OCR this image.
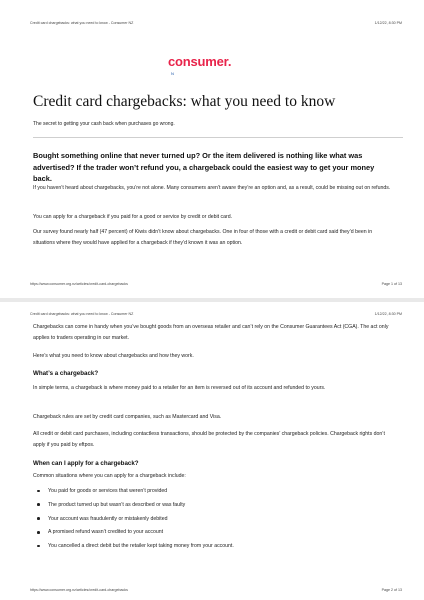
Credit card chargebacks: what you need to know - Consumer NZ	1/12/22, 8:30 PM
consumer.
N
Credit card chargebacks: what you need to know
The secret to getting your cash back when purchases go wrong.

Bought something online that never turned up? Or the item delivered is nothing like what was advertised? If the trader won’t refund you, a chargeback could the easiest way to get your money back.

If you haven’t heard about chargebacks, you’re not alone. Many consumers aren’t aware they’re an option and, as a result, could be missing out on refunds.

You can apply for a chargeback if you paid for a good or service by credit or debit card.

Our survey found nearly half (47 percent) of Kiwis didn’t know about chargebacks. One in four of those with a credit or debit card said they’d been in situations where they would have applied for a chargeback if they’d known it was an option.

https://www.consumer.org.nz/articles/credit-card-chargebacks	Page 1 of 13
Credit card chargebacks: what you need to know - Consumer NZ	1/12/22, 8:30 PM
https://www.consumer.org.nz/articles/credit-card-chargebacks	Page 2 of 13

Chargebacks can come in handy when you’ve bought goods from an overseas retailer and can’t rely on the Consumer Guarantees Act (CGA). The act only applies to traders operating in our market.

Here’s what you need to know about chargebacks and how they work.

What’s a chargeback?

In simple terms, a chargeback is where money paid to a retailer for an item is reversed out of its account and refunded to yours.

Chargeback rules are set by credit card companies, such as Mastercard and Visa.

All credit or debit card purchases, including contactless transactions, should be protected by the companies’ chargeback policies. Chargeback rights don’t apply if you paid by eftpos.

When can I apply for a chargeback?

Common situations where you can apply for a chargeback include:

You paid for goods or services that weren’t provided
The product turned up but wasn’t as described or was faulty
Your account was fraudulently or mistakenly debited
A promised refund wasn’t credited to your account
You cancelled a direct debit but the retailer kept taking money from your account.
